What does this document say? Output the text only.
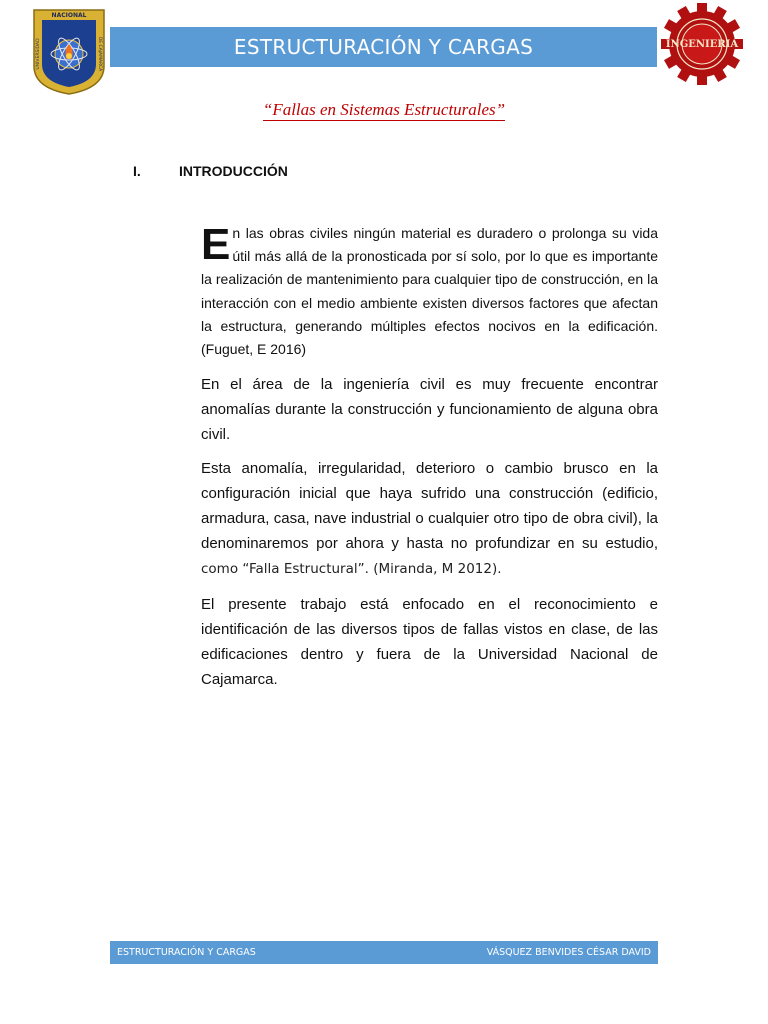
NACIONAL
UNIVERSIDAD	DE CAJAMARCA	ESTRUCTURACIÓN Y CARGAS	INGENIERIA
“Fallas en Sistemas Estructurales”
I.	INTRODUCCIÓN
En las obras civiles ningún material es duradero o prolonga su vida útil más allá de la pronosticada por sí solo, por lo que es importante la realización de mantenimiento para cualquier tipo de construcción, en la interacción con el medio ambiente existen diversos factores que afectan la estructura, generando múltiples efectos nocivos en la edificación. (Fuguet, E 2016)
En el área de la ingeniería civil es muy frecuente encontrar anomalías durante la construcción y funcionamiento de alguna obra civil.
Esta anomalía, irregularidad, deterioro o cambio brusco en la configuración inicial que haya sufrido una construcción (edificio, armadura, casa, nave industrial o cualquier otro tipo de obra civil), la denominaremos por ahora y hasta no profundizar en su estudio, como “Falla Estructural”. (Miranda, M 2012).
El presente trabajo está enfocado en el reconocimiento e identificación de las diversos tipos de fallas vistos en clase, de las edificaciones dentro y fuera de la Universidad Nacional de Cajamarca.
ESTRUCTURACIÓN Y CARGAS	VÁSQUEZ BENVIDES CÉSAR DAVID
